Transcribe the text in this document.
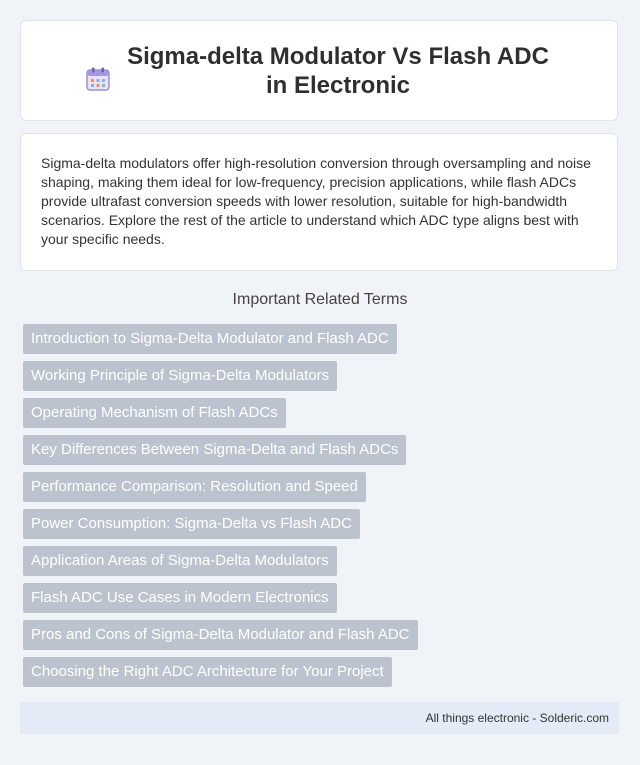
Sigma-delta Modulator Vs Flash ADC in Electronic

Sigma-delta modulators offer high-resolution conversion through oversampling and noise shaping, making them ideal for low-frequency, precision applications, while flash ADCs provide ultrafast conversion speeds with lower resolution, suitable for high-bandwidth scenarios. Explore the rest of the article to understand which ADC type aligns best with your specific needs.

Important Related Terms
Introduction to Sigma-Delta Modulator and Flash ADC
Working Principle of Sigma-Delta Modulators
Operating Mechanism of Flash ADCs
Key Differences Between Sigma-Delta and Flash ADCs
Performance Comparison: Resolution and Speed
Power Consumption: Sigma-Delta vs Flash ADC
Application Areas of Sigma-Delta Modulators
Flash ADC Use Cases in Modern Electronics
Pros and Cons of Sigma-Delta Modulator and Flash ADC
Choosing the Right ADC Architecture for Your Project
All things electronic - Solderic.com
